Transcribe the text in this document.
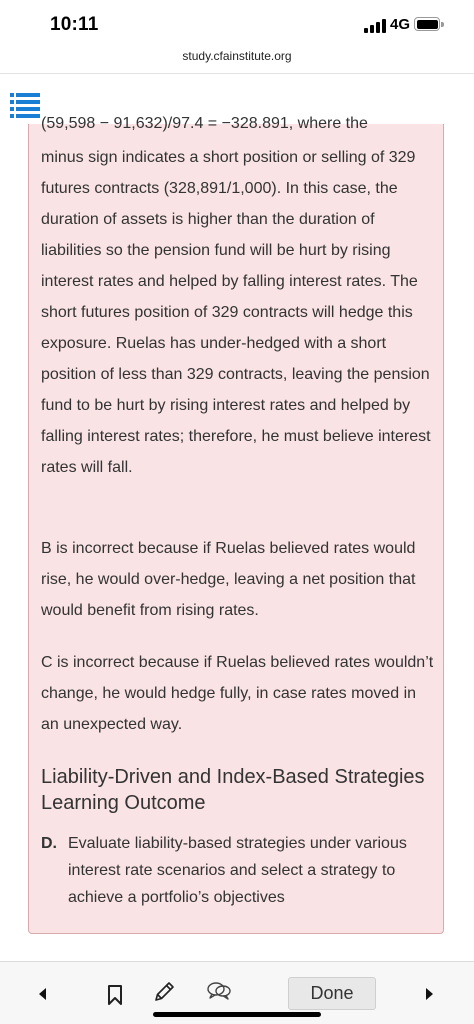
10:11	4G
study.cfainstitute.org
(59,598 − 91,632)/97.4 = −328.891, where the
minus sign indicates a short position or selling of 329 futures contracts (328,891/1,000). In this case, the duration of assets is higher than the duration of liabilities so the pension fund will be hurt by rising interest rates and helped by falling interest rates. The short futures position of 329 contracts will hedge this exposure. Ruelas has under-hedged with a short position of less than 329 contracts, leaving the pension fund to be hurt by rising interest rates and helped by falling interest rates; therefore, he must believe interest rates will fall.
B is incorrect because if Ruelas believed rates would rise, he would over-hedge, leaving a net position that would benefit from rising rates.
C is incorrect because if Ruelas believed rates wouldn’t change, he would hedge fully, in case rates moved in an unexpected way.
Liability-Driven and Index-Based Strategies Learning Outcome
D. Evaluate liability-based strategies under various interest rate scenarios and select a strategy to achieve a portfolio’s objectives
Done
